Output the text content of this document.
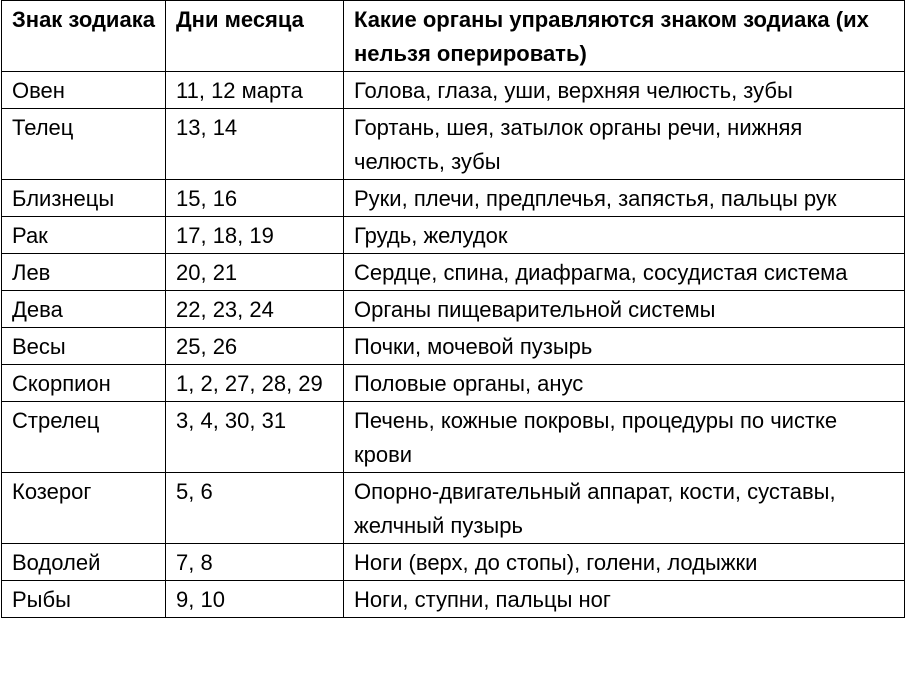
Знак зодиака	Дни месяца	Какие органы управляются знаком зодиака (их нельзя оперировать)
Овен	11, 12 марта	Голова, глаза, уши, верхняя челюсть, зубы
Телец	13, 14	Гортань, шея, затылок органы речи, нижняя челюсть, зубы
Близнецы	15, 16	Руки, плечи, предплечья, запястья, пальцы рук
Рак	17, 18, 19	Грудь, желудок
Лев	20, 21	Сердце, спина, диафрагма, сосудистая система
Дева	22, 23, 24	Органы пищеварительной системы
Весы	25, 26	Почки, мочевой пузырь
Скорпион	1, 2, 27, 28, 29	Половые органы, анус
Стрелец	3, 4, 30, 31	Печень, кожные покровы, процедуры по чистке крови
Козерог	5, 6	Опорно-двигательный аппарат, кости, суставы, желчный пузырь
Водолей	7, 8	Ноги (верх, до стопы), голени, лодыжки
Рыбы	9, 10	Ноги, ступни, пальцы ног
